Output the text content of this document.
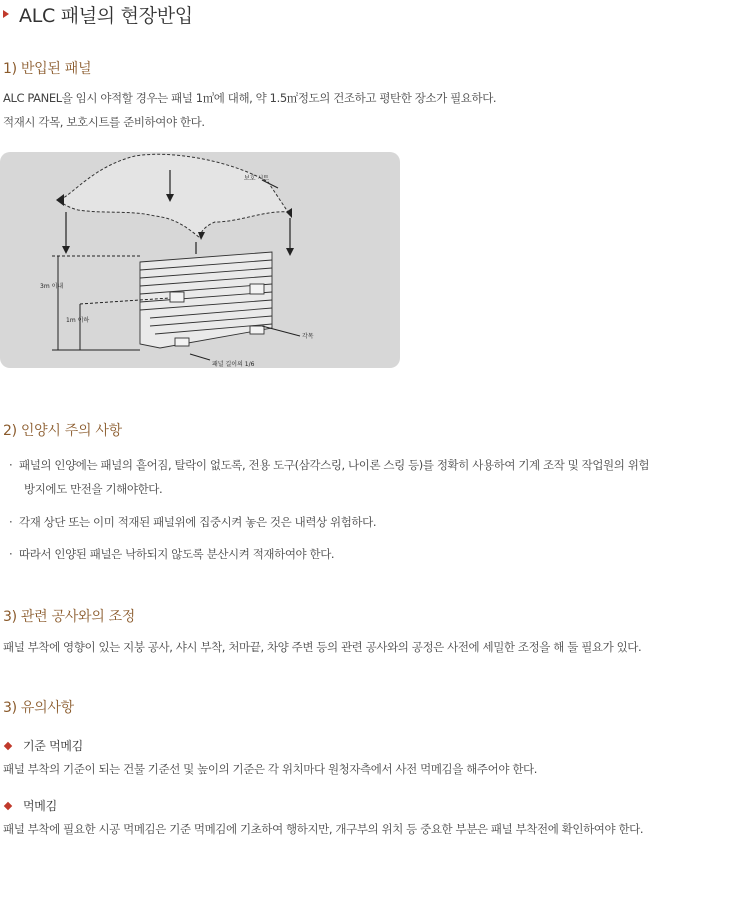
ALC 패널의 현장반입
1) 반입된 패널
ALC PANEL을 임시 야적할 경우는 패널 1㎥에 대해, 약 1.5㎡정도의 건조하고 평탄한 장소가 필요하다.
적재시 각목, 보호시트를 준비하여야 한다.
보호 시트
3m 이내
1m 이하
각목
패널 길이의 1/6
2) 인양시 주의 사항
· 패널의 인양에는 패널의 흩어짐, 탈락이 없도록, 전용 도구(삼각스링, 나이론 스링 등)를 정확히 사용하여 기계 조작 및 작업원의 위험
방지에도 만전을 기해야한다.
· 각재 상단 또는 이미 적재된 패널위에 집중시켜 놓은 것은 내력상 위험하다.
· 따라서 인양된 패널은 낙하되지 않도록 분산시켜 적재하여야 한다.
3) 관련 공사와의 조정
패널 부착에 영향이 있는 지붕 공사, 샤시 부착, 처마끝, 차양 주변 등의 관련 공사와의 공정은 사전에 세밀한 조정을 해 둘 필요가 있다.
3) 유의사항
기준 먹메김
패널 부착의 기준이 되는 건물 기준선 및 높이의 기준은 각 위치마다 원청자측에서 사전 먹메김을 해주어야 한다.
먹메김
패널 부착에 필요한 시공 먹메김은 기준 먹메김에 기초하여 행하지만, 개구부의 위치 등 중요한 부분은 패널 부착전에 확인하여야 한다.
